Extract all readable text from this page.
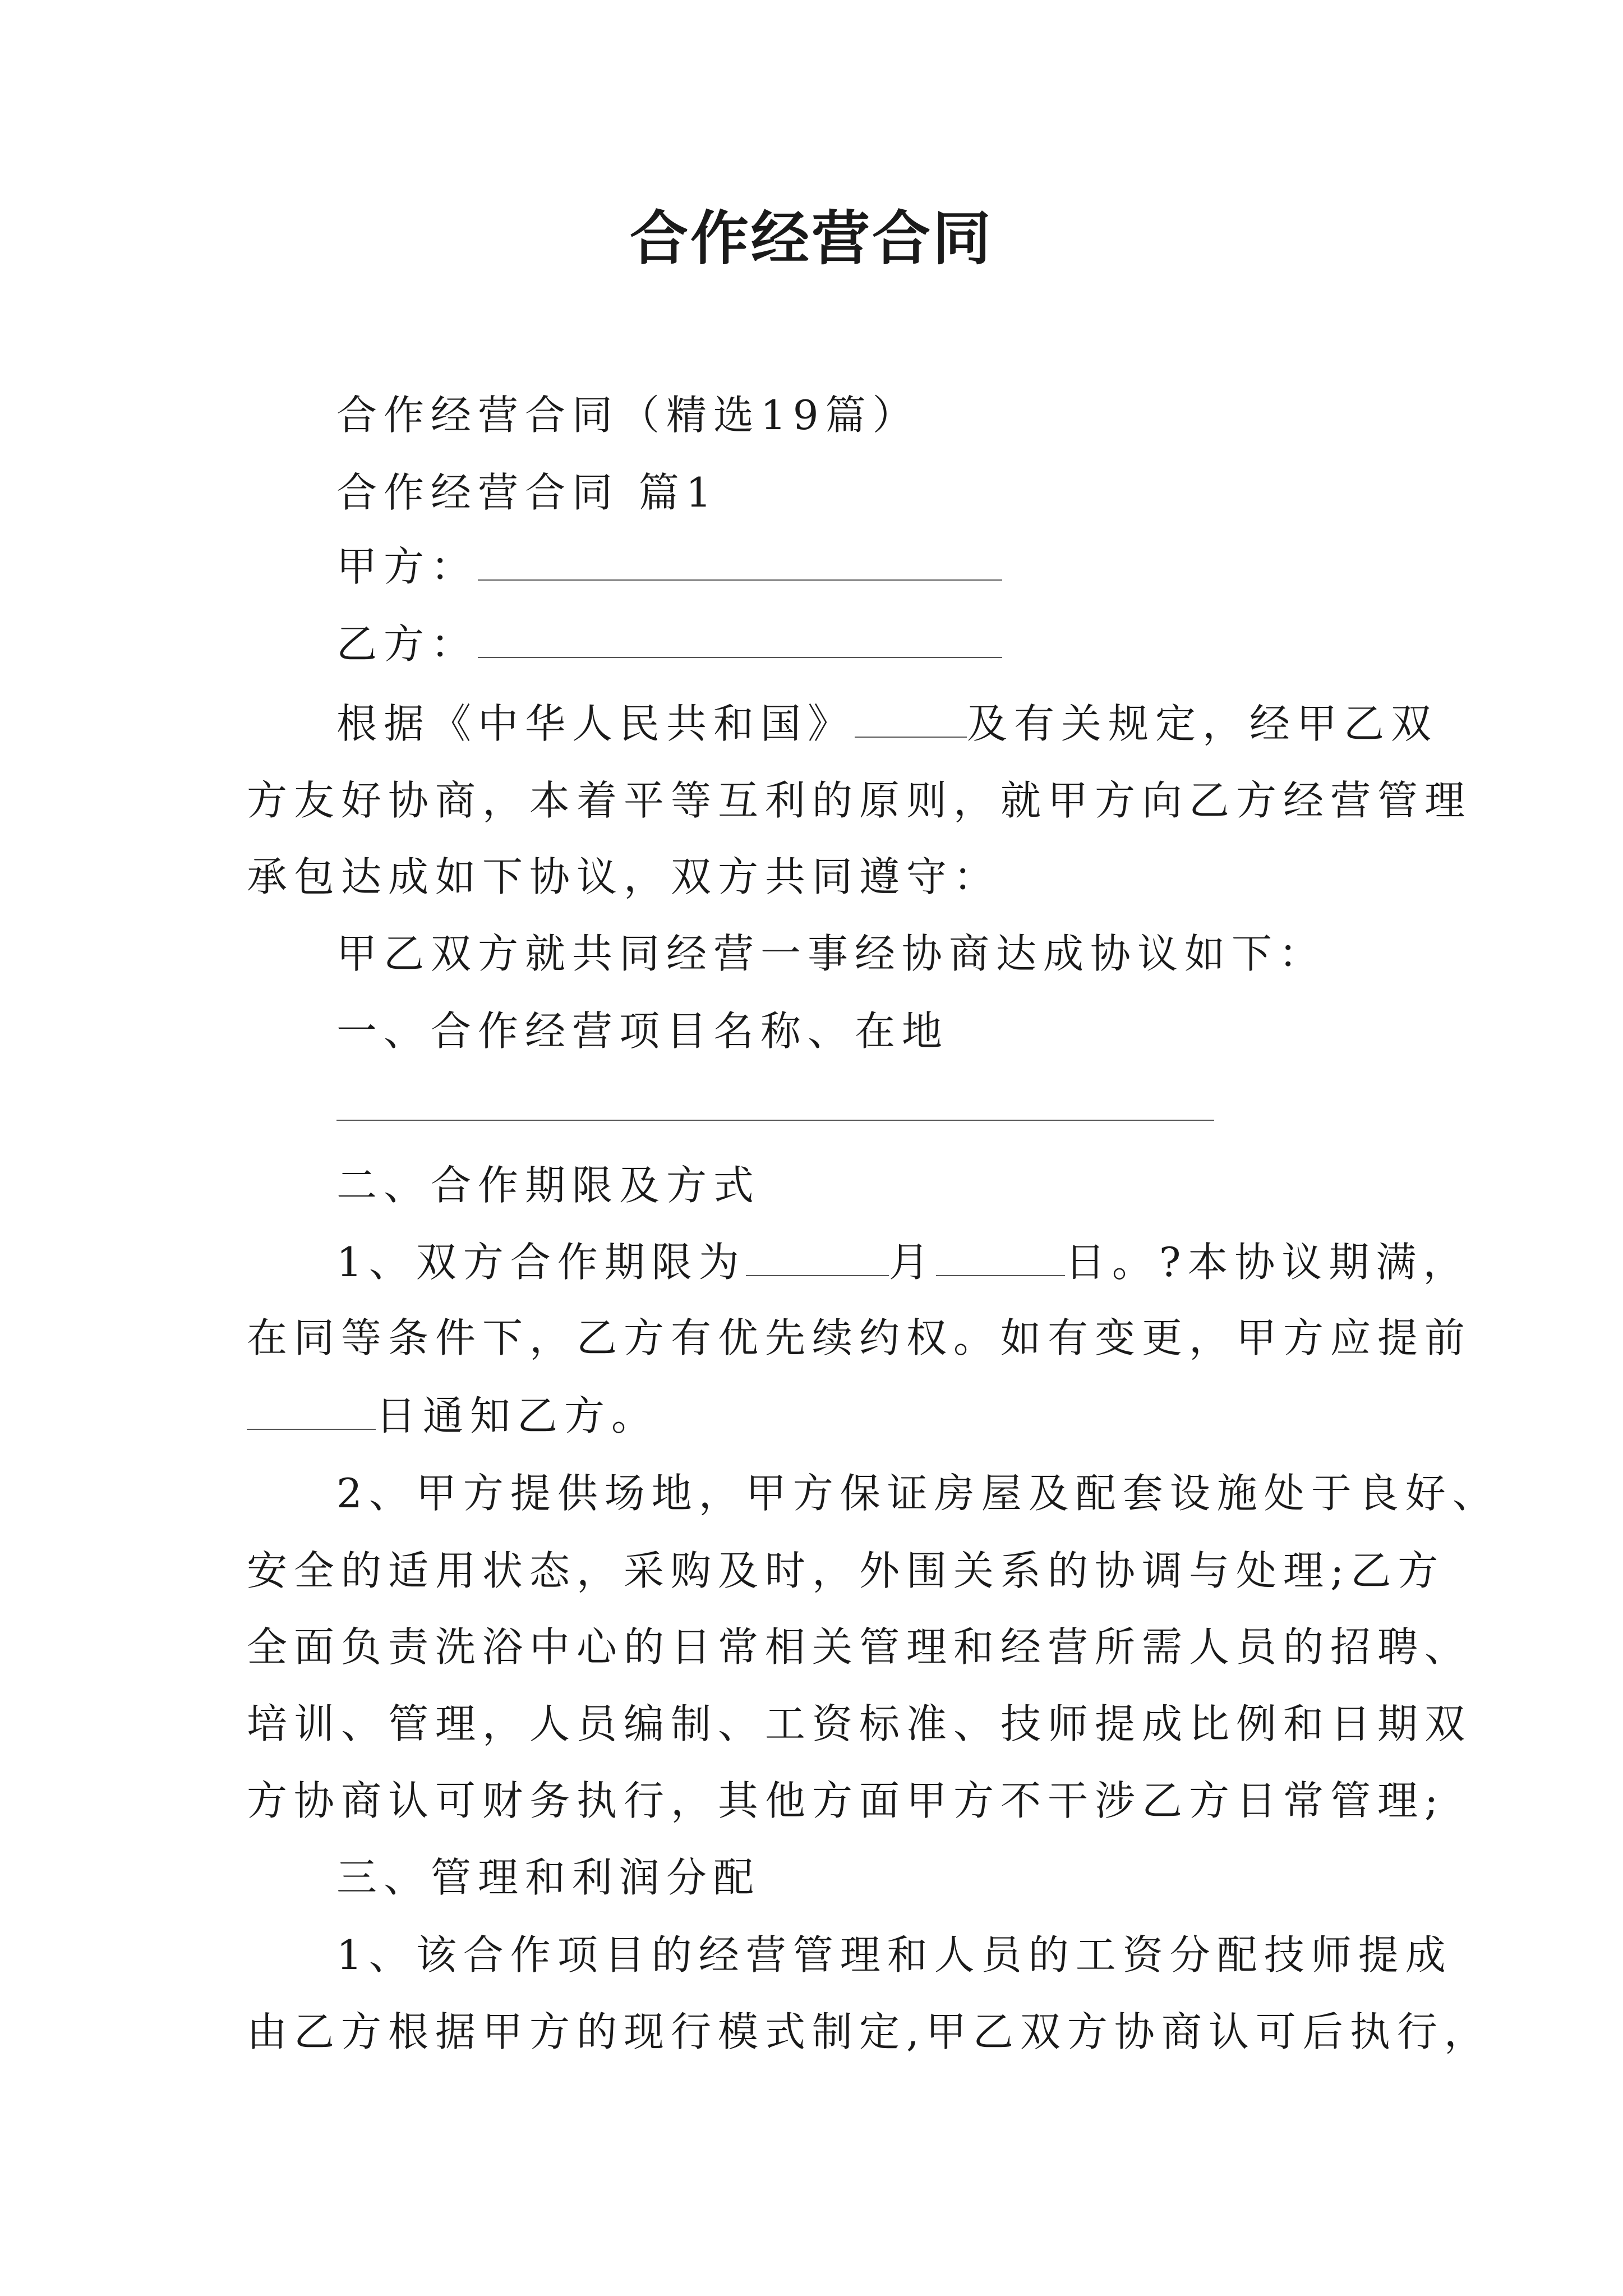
合作经营合同
合作经营合同（精选19篇）
合作经营合同 篇1
甲方：
乙方：
根据《中华人民共和国》	及有关规定，经甲乙双
方友好协商，本着平等互利的原则，就甲方向乙方经营管理
承包达成如下协议，双方共同遵守：
甲乙双方就共同经营一事经协商达成协议如下：
一、合作经营项目名称、在地
二、合作期限及方式
1、双方合作期限为	月	日。?本协议期满，
在同等条件下，乙方有优先续约权。如有变更，甲方应提前
日通知乙方。
2、甲方提供场地，甲方保证房屋及配套设施处于良好、
安全的适用状态，采购及时，外围关系的协调与处理;乙方
全面负责洗浴中心的日常相关管理和经营所需人员的招聘、
培训、管理，人员编制、工资标准、技师提成比例和日期双
方协商认可财务执行，其他方面甲方不干涉乙方日常管理;
三、管理和利润分配
1、该合作项目的经营管理和人员的工资分配技师提成
由乙方根据甲方的现行模式制定,甲乙双方协商认可后执行，
